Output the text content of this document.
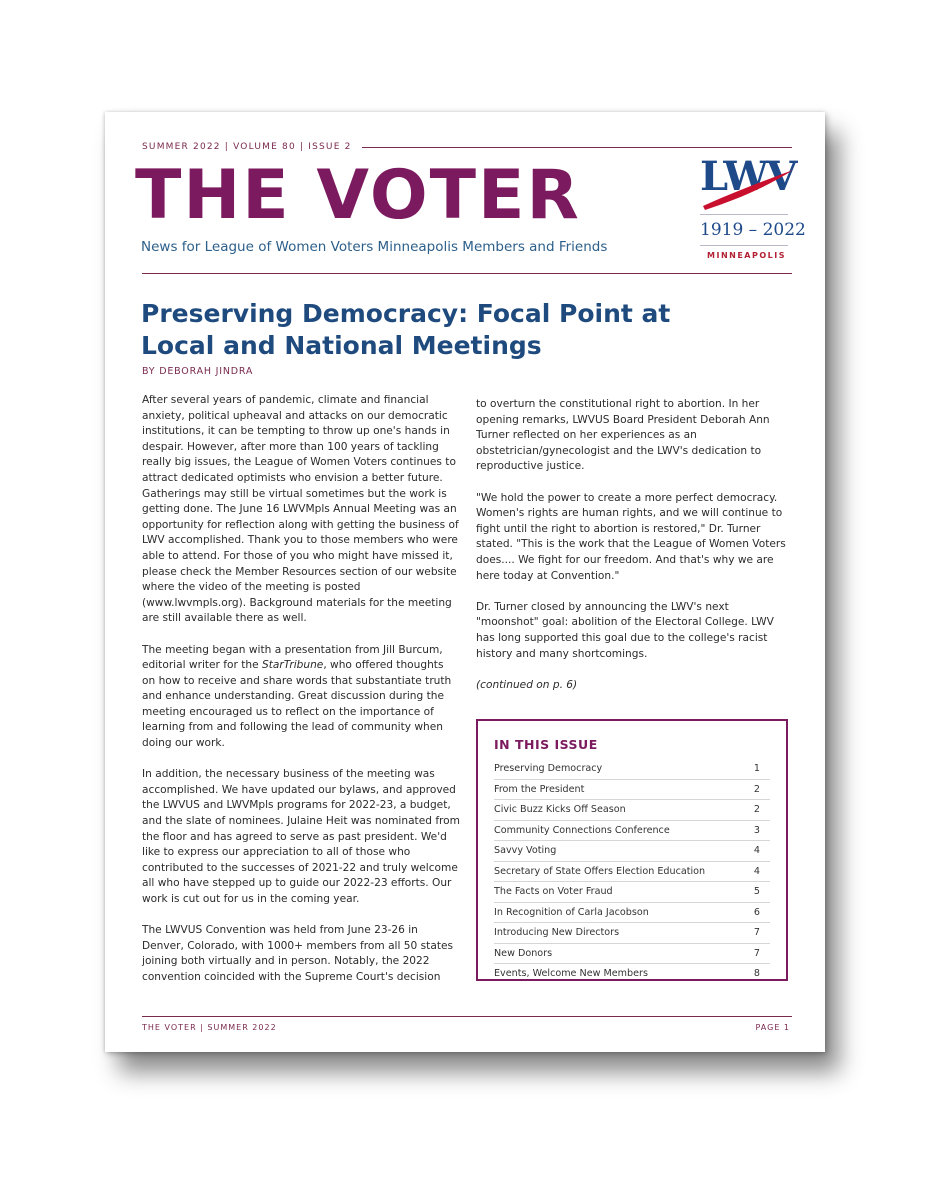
SUMMER 2022 | VOLUME 80 | ISSUE 2
THE VOTER
News for League of Women Voters Minneapolis Members and Friends
LWV
1919 – 2022
MINNEAPOLIS
Preserving Democracy: Focal Point at Local and National Meetings
BY DEBORAH JINDRA

After several years of pandemic, climate and financial anxiety, political upheaval and attacks on our democratic institutions, it can be tempting to throw up one's hands in despair. However, after more than 100 years of tackling really big issues, the League of Women Voters continues to attract dedicated optimists who envision a better future. Gatherings may still be virtual sometimes but the work is getting done. The June 16 LWVMpls Annual Meeting was an opportunity for reflection along with getting the business of LWV accomplished. Thank you to those members who were able to attend. For those of you who might have missed it, please check the Member Resources section of our website where the video of the meeting is posted (www.lwvmpls.org). Background materials for the meeting are still available there as well.

The meeting began with a presentation from Jill Burcum, editorial writer for the StarTribune, who offered thoughts on how to receive and share words that substantiate truth and enhance understanding. Great discussion during the meeting encouraged us to reflect on the importance of learning from and following the lead of community when doing our work.

In addition, the necessary business of the meeting was accomplished. We have updated our bylaws, and approved the LWVUS and LWVMpls programs for 2022-23, a budget, and the slate of nominees. Julaine Heit was nominated from the floor and has agreed to serve as past president. We'd like to express our appreciation to all of those who contributed to the successes of 2021-22 and truly welcome all who have stepped up to guide our 2022-23 efforts. Our work is cut out for us in the coming year.

The LWVUS Convention was held from June 23-26 in Denver, Colorado, with 1000+ members from all 50 states joining both virtually and in person. Notably, the 2022 convention coincided with the Supreme Court's decision

to overturn the constitutional right to abortion. In her opening remarks, LWVUS Board President Deborah Ann Turner reflected on her experiences as an obstetrician/gynecologist and the LWV's dedication to reproductive justice.

"We hold the power to create a more perfect democracy. Women's rights are human rights, and we will continue to fight until the right to abortion is restored," Dr. Turner stated. "This is the work that the League of Women Voters does.... We fight for our freedom. And that's why we are here today at Convention."

Dr. Turner closed by announcing the LWV's next "moonshot" goal: abolition of the Electoral College. LWV has long supported this goal due to the college's racist history and many shortcomings.

(continued on p. 6)

IN THIS ISSUE
Preserving Democracy	1
From the President	2
Civic Buzz Kicks Off Season	2
Community Connections Conference	3
Savvy Voting	4
Secretary of State Offers Election Education	4
The Facts on Voter Fraud	5
In Recognition of Carla Jacobson	6
Introducing New Directors	7
New Donors	7
Events, Welcome New Members	8
THE VOTER | SUMMER 2022	PAGE 1
